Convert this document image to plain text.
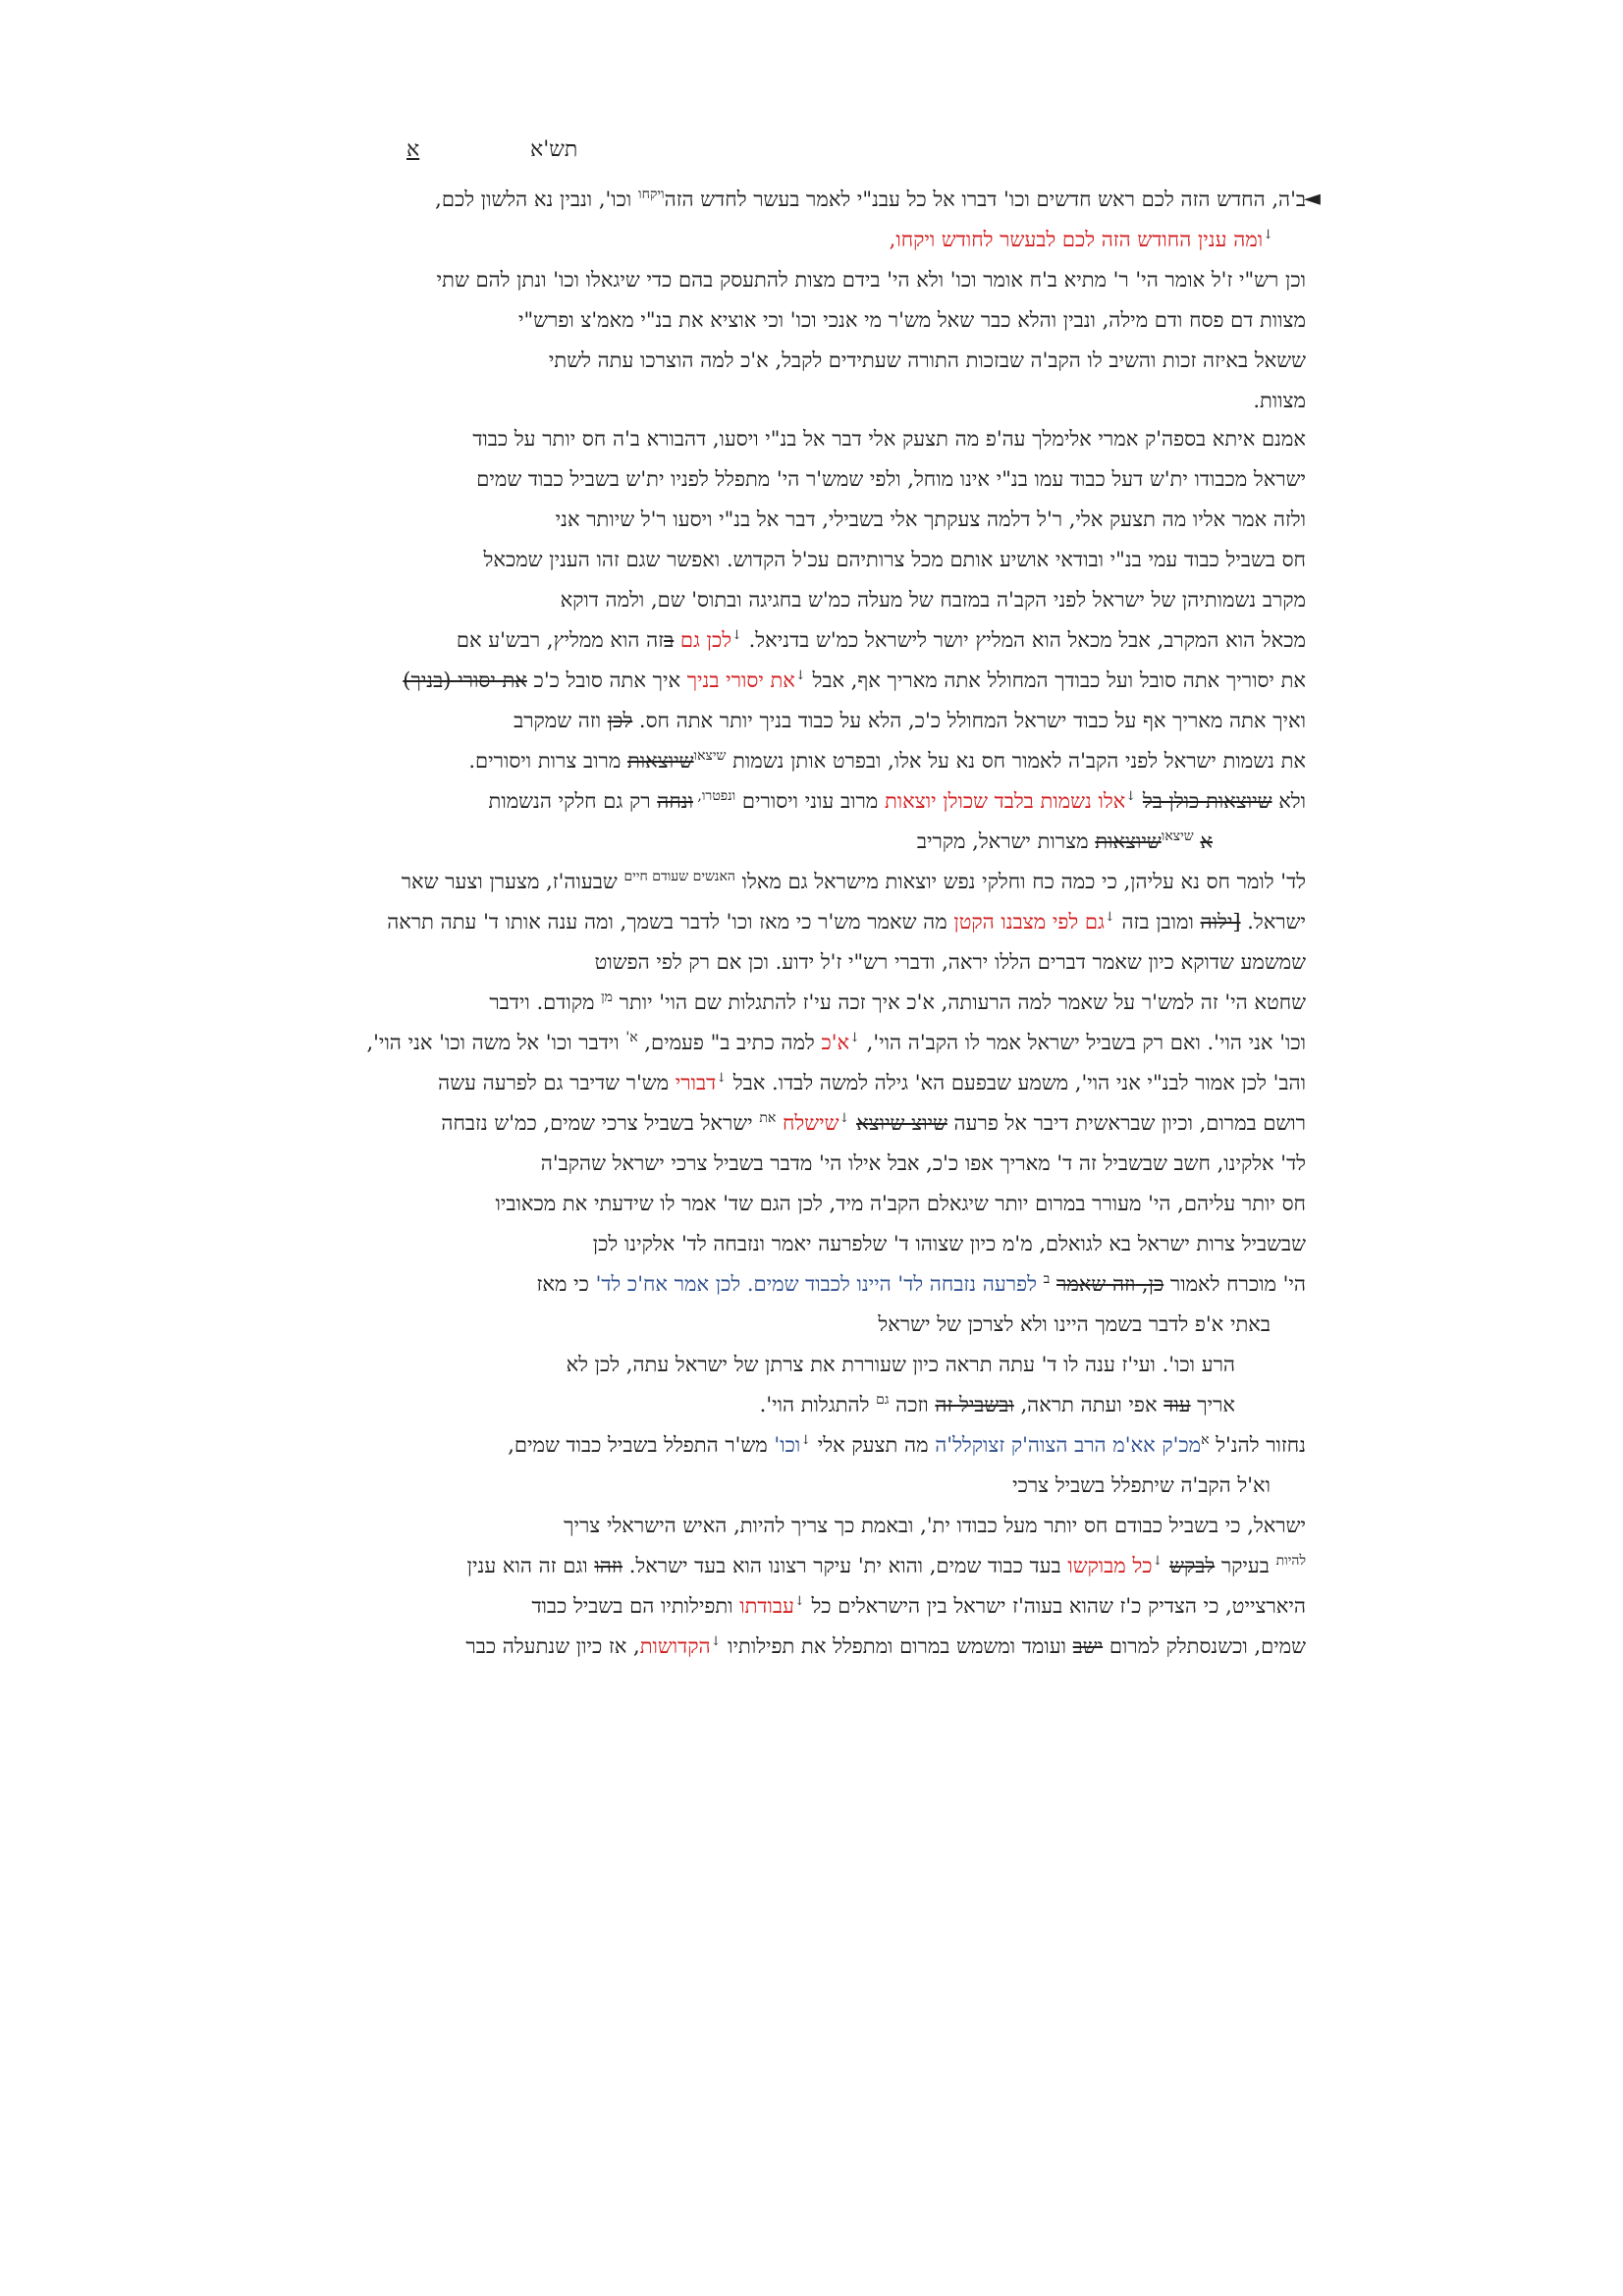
תש'א
א
◄
ב'ה, החדש הזה לכם ראש חדשים וכו' דברו אל כל עבנ"י לאמר בעשר לחדש הזה$^{ויקחו}$ וכו', ונבין נא הלשון לכם,
↓ומה ענין החודש הזה לכם לבעשר לחודש ויקחו,
וכן רש"י ז'ל אומר הי' ר' מתיא ב'ח אומר וכו' ולא הי' בידם מצות להתעסק בהם כדי שיגאלו וכו' ונתן להם שתי
מצוות דם פסח ודם מילה, ונבין והלא כבר שאל מש'ר מי אנכי וכו' וכי אוציא את בנ"י מאמ'צ ופרש"י
ששאל באיזה זכות והשיב לו הקב'ה שבזכות התורה שעתידים לקבל, א'כ למה הוצרכו עתה לשתי
מצוות.
אמנם איתא בספה'ק אמרי אלימלך עה'פ מה תצעק אלי דבר אל בנ"י ויסעו, דהבורא ב'ה חס יותר על כבוד
ישראל מכבודו ית'ש דעל כבוד עמו בנ"י אינו מוחל, ולפי שמש'ר הי' מתפלל לפניו ית'ש בשביל כבוד שמים
ולזה אמר אליו מה תצעק אלי, ר'ל דלמה צעקתך אלי בשבילי, דבר אל בנ"י ויסעו ר'ל שיותר אני
חס בשביל כבוד עמי בנ"י ובודאי אושיע אותם מכל צרותיהם עכ'ל הקדוש. ואפשר שגם זהו הענין שמכאל
מקרב נשמותיהן של ישראל לפני הקב'ה במזבח של מעלה כמ'ש בחגיגה ובתוס' שם, ולמה דוקא
מכאל הוא המקרב, אבל מכאל הוא המליץ יושר לישראל כמ'ש בדניאל. ↓לכן גם בזה הוא ממליץ, רבש'ע אם
את יסוריך אתה סובל ועל כבודך המחולל אתה מאריך אף, אבל ↓את יסורי בניך איך אתה סובל כ'כ את יסורי (בניך)
ואיך אתה מאריך אף על כבוד ישראל המחולל כ'כ, הלא על כבוד בניך יותר אתה חס. לכן וזה שמקרב
את נשמות ישראל לפני הקב'ה לאמור חס נא על אלו, ובפרט אותן נשמות $^{שיצאו}$שיוצאות מרוב צרות ויסורים.
ולא שיוצאות כולן בל ↓אלו נשמות בלבד שכולן יוצאות מרוב עוני ויסורים $^{ונפטרו,}$ ונחה רק גם חלקי הנשמות
א $^{שיצאו}$שיוצאות מצרות ישראל, מקריב
לד' לומר חס נא עליהן, כי כמה כח וחלקי נפש יוצאות מישראל גם מאלו $^{האנשים שעודם חיים}$ שבעוה'ז, מצערן וצער שאר
ישראל. [ילוה ומובן בזה ↓גם לפי מצבנו הקטן מה שאמר מש'ר כי מאז וכו' לדבר בשמך, ומה ענה אותו ד' עתה תראה
שמשמע שדוקא כיון שאמר דברים הללו יראה, ודברי רש"י ז'ל ידוע. וכן אם רק לפי הפשוט
שחטא הי' זה למש'ר על שאמר למה הרעותה, א'כ איך זכה עי'ז להתגלות שם הוי' יותר $^{מן}$ מקודם. וידבר
וכו' אני הוי'. ואם רק בשביל ישראל אמר לו הקב'ה הוי', ↓א'כ למה כתיב ב" פעמים, $^{א'}$ וידבר וכו' אל משה וכו' אני הוי',
והב' לכן אמור לבנ"י אני הוי', משמע שבפעם הא' גילה למשה לבדו. אבל ↓דבורי מש'ר שדיבר גם לפרעה עשה
רושם במרום, וכיון שבראשית דיבר אל פרעה שיוצ שיוצא ↓שישלח $^{את}$ ישראל בשביל צרכי שמים, כמ'ש נזבחה
לד' אלקינו, חשב שבשביל זה ד' מאריך אפו כ'כ, אבל אילו הי' מדבר בשביל צרכי ישראל שהקב'ה
חס יותר עליהם, הי' מעורר במרום יותר שיגאלם הקב'ה מיד, לכן הגם שד' אמר לו שידעתי את מכאוביו
שבשביל צרות ישראל בא לגואלם, מ'מ כיון שצוהו ד' שלפרעה יאמר ונזבחה לד' אלקינו לכן
הי' מוכרח לאמור כן, וזה שאמר $^ב$ לפרעה נזבחה לד' היינו לכבוד שמים. לכן אמר אח'כ לד' כי מאז
באתי א'פ לדבר בשמך היינו ולא לצרכן של ישראל
הרע וכו'. ועי'ז ענה לו ד' עתה תראה כיון שעוררת את צרתן של ישראל עתה, לכן לא
אריך עוד אפי ועתה תראה, ובשביל זה וזכה $^{גם}$ להתגלות הוי'.
נחזור להנ'ל $^א$מכ'ק אא'מ הרב הצוה'ק זצוקלל'ה מה תצעק אלי ↓וכו' מש'ר התפלל בשביל כבוד שמים,
וא'ל הקב'ה שיתפלל בשביל צרכי
ישראל, כי בשביל כבודם חס יותר מעל כבודו ית', ובאמת כך צריך להיות, האיש הישראלי צריך
$^{להיות}$ בעיקר לבקש ↓כל מבוקשו בעד כבוד שמים, והוא ית' עיקר רצונו הוא בעד ישראל. וזהו וגם זה הוא ענין
היארצייט, כי הצדיק כ'ז שהוא בעוה'ז ישראל בין הישראלים כל ↓עבודתו ותפילותיו הם בשביל כבוד
שמים, וכשנסתלק למרום ישב ועומד ומשמש במרום ומתפלל את תפילותיו ↓הקדושות, אז כיון שנתעלה כבר
